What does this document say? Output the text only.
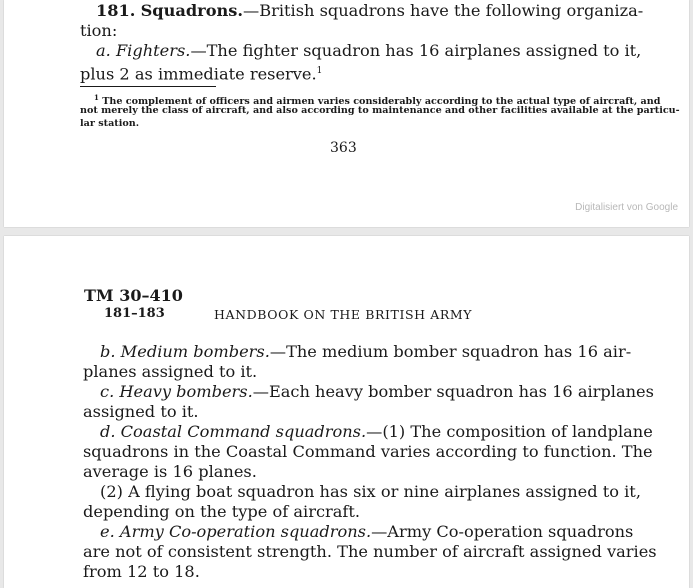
181. Squadrons.—British squadrons have the following organiza-
tion:
a. Fighters.—The fighter squadron has 16 airplanes assigned to it,
plus 2 as immediate reserve.$^1$
$^1$ The complement of officers and airmen varies considerably according to the actual type of aircraft, and
not merely the class of aircraft, and also according to maintenance and other facilities available at the particu-
lar station.
363
Digitalisiert von Google
TM 30–410
181–183	HANDBOOK ON THE BRITISH ARMY
b. Medium bombers.—The medium bomber squadron has 16 air-
planes assigned to it.
c. Heavy bombers.—Each heavy bomber squadron has 16 airplanes
assigned to it.
d. Coastal Command squadrons.—(1) The composition of landplane
squadrons in the Coastal Command varies according to function. The
average is 16 planes.
(2) A flying boat squadron has six or nine airplanes assigned to it,
depending on the type of aircraft.
e. Army Co-operation squadrons.—Army Co-operation squadrons
are not of consistent strength. The number of aircraft assigned varies
from 12 to 18.
